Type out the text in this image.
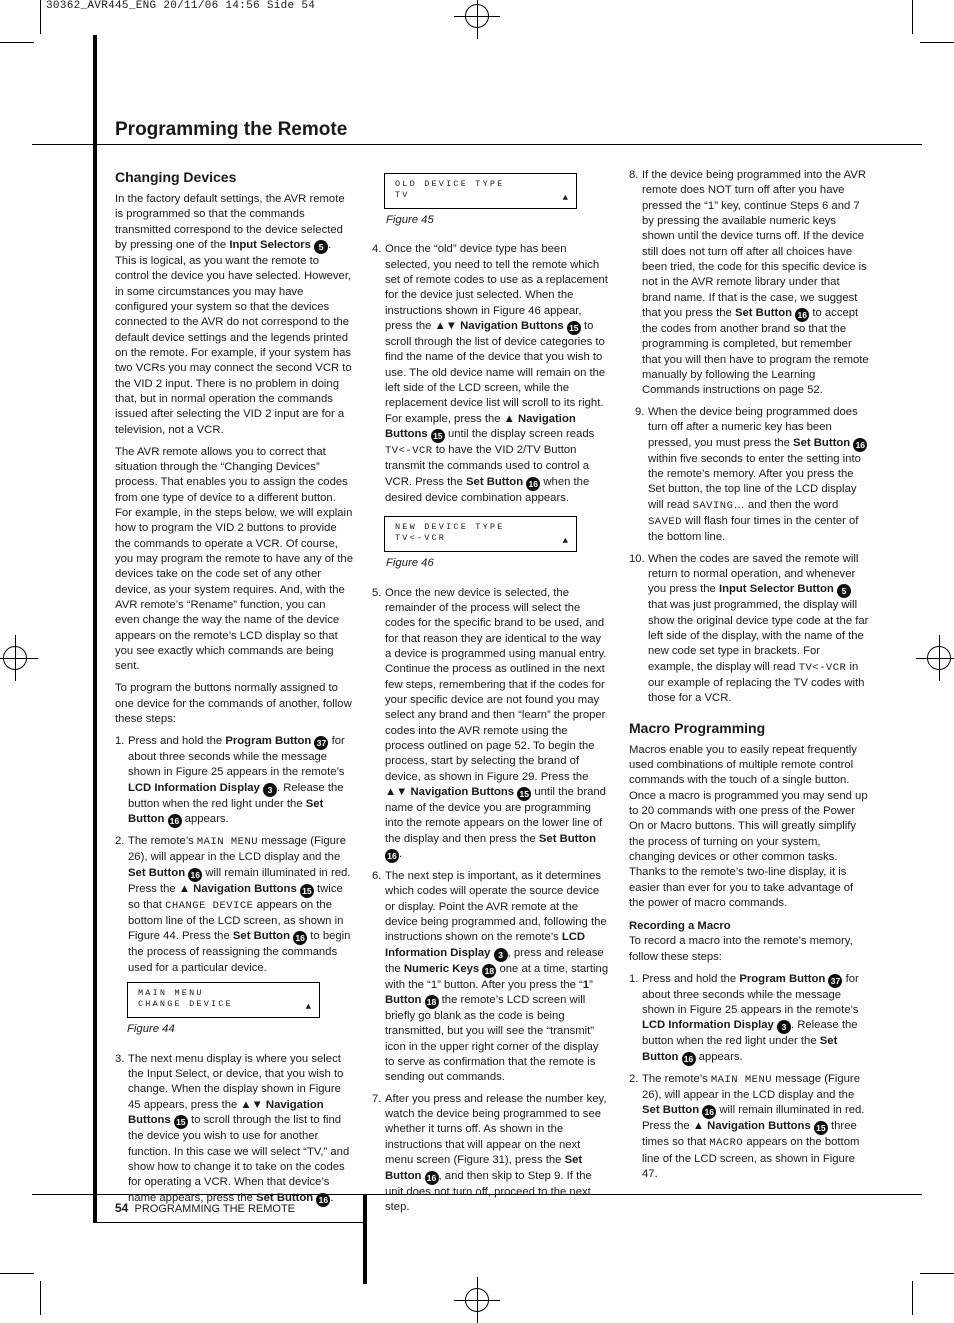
30362_AVR445_ENG 20/11/06 14:56 Side 54
Programming the Remote
Changing Devices

In the factory default settings, the AVR remote is programmed so that the commands transmitted correspond to the device selected by pressing one of the Input Selectors 5 . This is logical, as you want the remote to control the device you have selected. However, in some circumstances you may have configured your system so that the devices connected to the AVR do not correspond to the default device settings and the legends printed on the remote. For example, if your system has two VCRs you may connect the second VCR to the VID 2 input. There is no problem in doing that, but in normal operation the commands issued after selecting the VID 2 input are for a television, not a VCR.

The AVR remote allows you to correct that situation through the “Changing Devices” process. That enables you to assign the codes from one type of device to a different button. For example, in the steps below, we will explain how to program the VID 2 buttons to provide the commands to operate a VCR. Of course, you may program the remote to have any of the devices take on the code set of any other device, as your system requires. And, with the AVR remote’s “Rename” function, you can even change the way the name of the device appears on the remote’s LCD display so that you see exactly which commands are being sent.

To program the buttons normally assigned to one device for the commands of another, follow these steps:

1. Press and hold the Program Button 37 for about three seconds while the message shown in Figure 25 appears in the remote’s LCD Information Display 3 . Release the button when the red light under the Set Button 16 appears.
2. The remote’s MAIN MENU message (Figure 26), will appear in the LCD display and the Set Button 16 will remain illuminated in red. Press the ▲ Navigation Buttons 15 twice so that CHANGE DEVICE appears on the bottom line of the LCD screen, as shown in Figure 44. Press the Set Button 16 to begin the process of reassigning the commands used for a particular device.
MAIN MENU
CHANGE DEVICE	▲
Figure 44
3. The next menu display is where you select the Input Select, or device, that you wish to change. When the display shown in Figure 45 appears, press the ▲▼ Navigation Buttons 15 to scroll through the list to find the device you wish to use for another function. In this case we will select “TV,” and show how to change it to take on the codes for operating a VCR. When that device’s name appears, press the Set Button 16 .
OLD DEVICE TYPE
TV	▲
Figure 45
4. Once the “old” device type has been selected, you need to tell the remote which set of remote codes to use as a replacement for the device just selected. When the instructions shown in Figure 46 appear, press the ▲▼ Navigation Buttons 15 to scroll through the list of device categories to find the name of the device that you wish to use. The old device name will remain on the left side of the LCD screen, while the replacement device list will scroll to its right. For example, press the ▲ Navigation Buttons 15 until the display screen reads TV<-VCR to have the VID 2/TV Button transmit the commands used to control a VCR. Press the Set Button 16 when the desired device combination appears.
NEW DEVICE TYPE
TV<-VCR	▲
Figure 46
5. Once the new device is selected, the remainder of the process will select the codes for the specific brand to be used, and for that reason they are identical to the way a device is programmed using manual entry. Continue the process as outlined in the next few steps, remembering that if the codes for your specific device are not found you may select any brand and then “learn” the proper codes into the AVR remote using the process outlined on page 52. To begin the process, start by selecting the brand of device, as shown in Figure 29. Press the ▲▼ Navigation Buttons 15 until the brand name of the device you are programming into the remote appears on the lower line of the display and then press the Set Button 16 .
6. The next step is important, as it determines which codes will operate the source device or display. Point the AVR remote at the device being programmed and, following the instructions shown on the remote’s LCD Information Display 3 , press and release the Numeric Keys 18 one at a time, starting with the “1” button. After you press the “1” Button 18 the remote’s LCD screen will briefly go blank as the code is being transmitted, but you will see the “transmit” icon in the upper right corner of the display to serve as confirmation that the remote is sending out commands.
7. After you press and release the number key, watch the device being programmed to see whether it turns off. As shown in the instructions that will appear on the next menu screen (Figure 31), press the Set Button 16 , and then skip to Step 9. If the unit does not turn off, proceed to the next step.
8. If the device being programmed into the AVR remote does NOT turn off after you have pressed the “1” key, continue Steps 6 and 7 by pressing the available numeric keys shown until the device turns off. If the device still does not turn off after all choices have been tried, the code for this specific device is not in the AVR remote library under that brand name. If that is the case, we suggest that you press the Set Button 16 to accept the codes from another brand so that the programming is completed, but remember that you will then have to program the remote manually by following the Learning Commands instructions on page 52.
9. When the device being programmed does turn off after a numeric key has been pressed, you must press the Set Button 16 within five seconds to enter the setting into the remote’s memory. After you press the Set button, the top line of the LCD display will read SAVING… and then the word SAVED will flash four times in the center of the bottom line.
10. When the codes are saved the remote will return to normal operation, and whenever you press the Input Selector Button 5 that was just programmed, the display will show the original device type code at the far left side of the display, with the name of the new code set type in brackets. For example, the display will read TV<-VCR in our example of replacing the TV codes with those for a VCR.
Macro Programming

Macros enable you to easily repeat frequently used combinations of multiple remote control commands with the touch of a single button. Once a macro is programmed you may send up to 20 commands with one press of the Power On or Macro buttons. This will greatly simplify the process of turning on your system, changing devices or other common tasks. Thanks to the remote’s two-line display, it is easier than ever for you to take advantage of the power of macro commands.

Recording a Macro

To record a macro into the remote’s memory, follow these steps:

1. Press and hold the Program Button 37 for about three seconds while the message shown in Figure 25 appears in the remote’s LCD Information Display 3 . Release the button when the red light under the Set Button 16 appears.
2. The remote’s MAIN MENU message (Figure 26), will appear in the LCD display and the Set Button 16 will remain illuminated in red. Press the ▲ Navigation Buttons 15 three times so that MACRO appears on the bottom line of the LCD screen, as shown in Figure 47.
54 PROGRAMMING THE REMOTE
